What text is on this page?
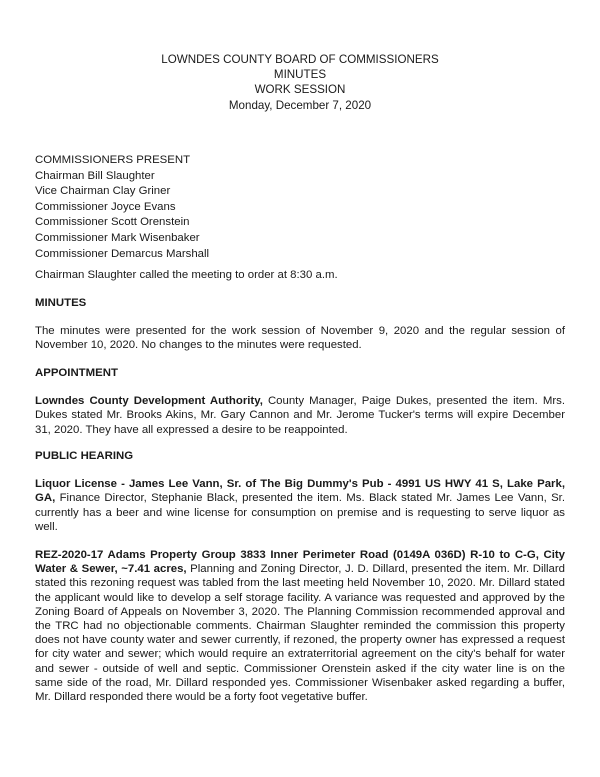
LOWNDES COUNTY BOARD OF COMMISSIONERS
MINUTES
WORK SESSION
Monday, December 7, 2020
COMMISSIONERS PRESENT
Chairman Bill Slaughter
Vice Chairman Clay Griner
Commissioner Joyce Evans
Commissioner Scott Orenstein
Commissioner Mark Wisenbaker
Commissioner Demarcus Marshall
Chairman Slaughter called the meeting to order at 8:30 a.m.
MINUTES
The minutes were presented for the work session of November 9, 2020 and the regular session of November 10, 2020. No changes to the minutes were requested.
APPOINTMENT
Lowndes County Development Authority, County Manager, Paige Dukes, presented the item. Mrs. Dukes stated Mr. Brooks Akins, Mr. Gary Cannon and Mr. Jerome Tucker's terms will expire December 31, 2020. They have all expressed a desire to be reappointed.
PUBLIC HEARING
Liquor License - James Lee Vann, Sr. of The Big Dummy's Pub - 4991 US HWY 41 S, Lake Park, GA, Finance Director, Stephanie Black, presented the item. Ms. Black stated Mr. James Lee Vann, Sr. currently has a beer and wine license for consumption on premise and is requesting to serve liquor as well.
REZ-2020-17 Adams Property Group 3833 Inner Perimeter Road (0149A 036D) R-10 to C-G, City Water & Sewer, ~7.41 acres, Planning and Zoning Director, J. D. Dillard, presented the item. Mr. Dillard stated this rezoning request was tabled from the last meeting held November 10, 2020. Mr. Dillard stated the applicant would like to develop a self storage facility. A variance was requested and approved by the Zoning Board of Appeals on November 3, 2020. The Planning Commission recommended approval and the TRC had no objectionable comments. Chairman Slaughter reminded the commission this property does not have county water and sewer currently, if rezoned, the property owner has expressed a request for city water and sewer; which would require an extraterritorial agreement on the city's behalf for water and sewer - outside of well and septic. Commissioner Orenstein asked if the city water line is on the same side of the road, Mr. Dillard responded yes. Commissioner Wisenbaker asked regarding a buffer, Mr. Dillard responded there would be a forty foot vegetative buffer.
